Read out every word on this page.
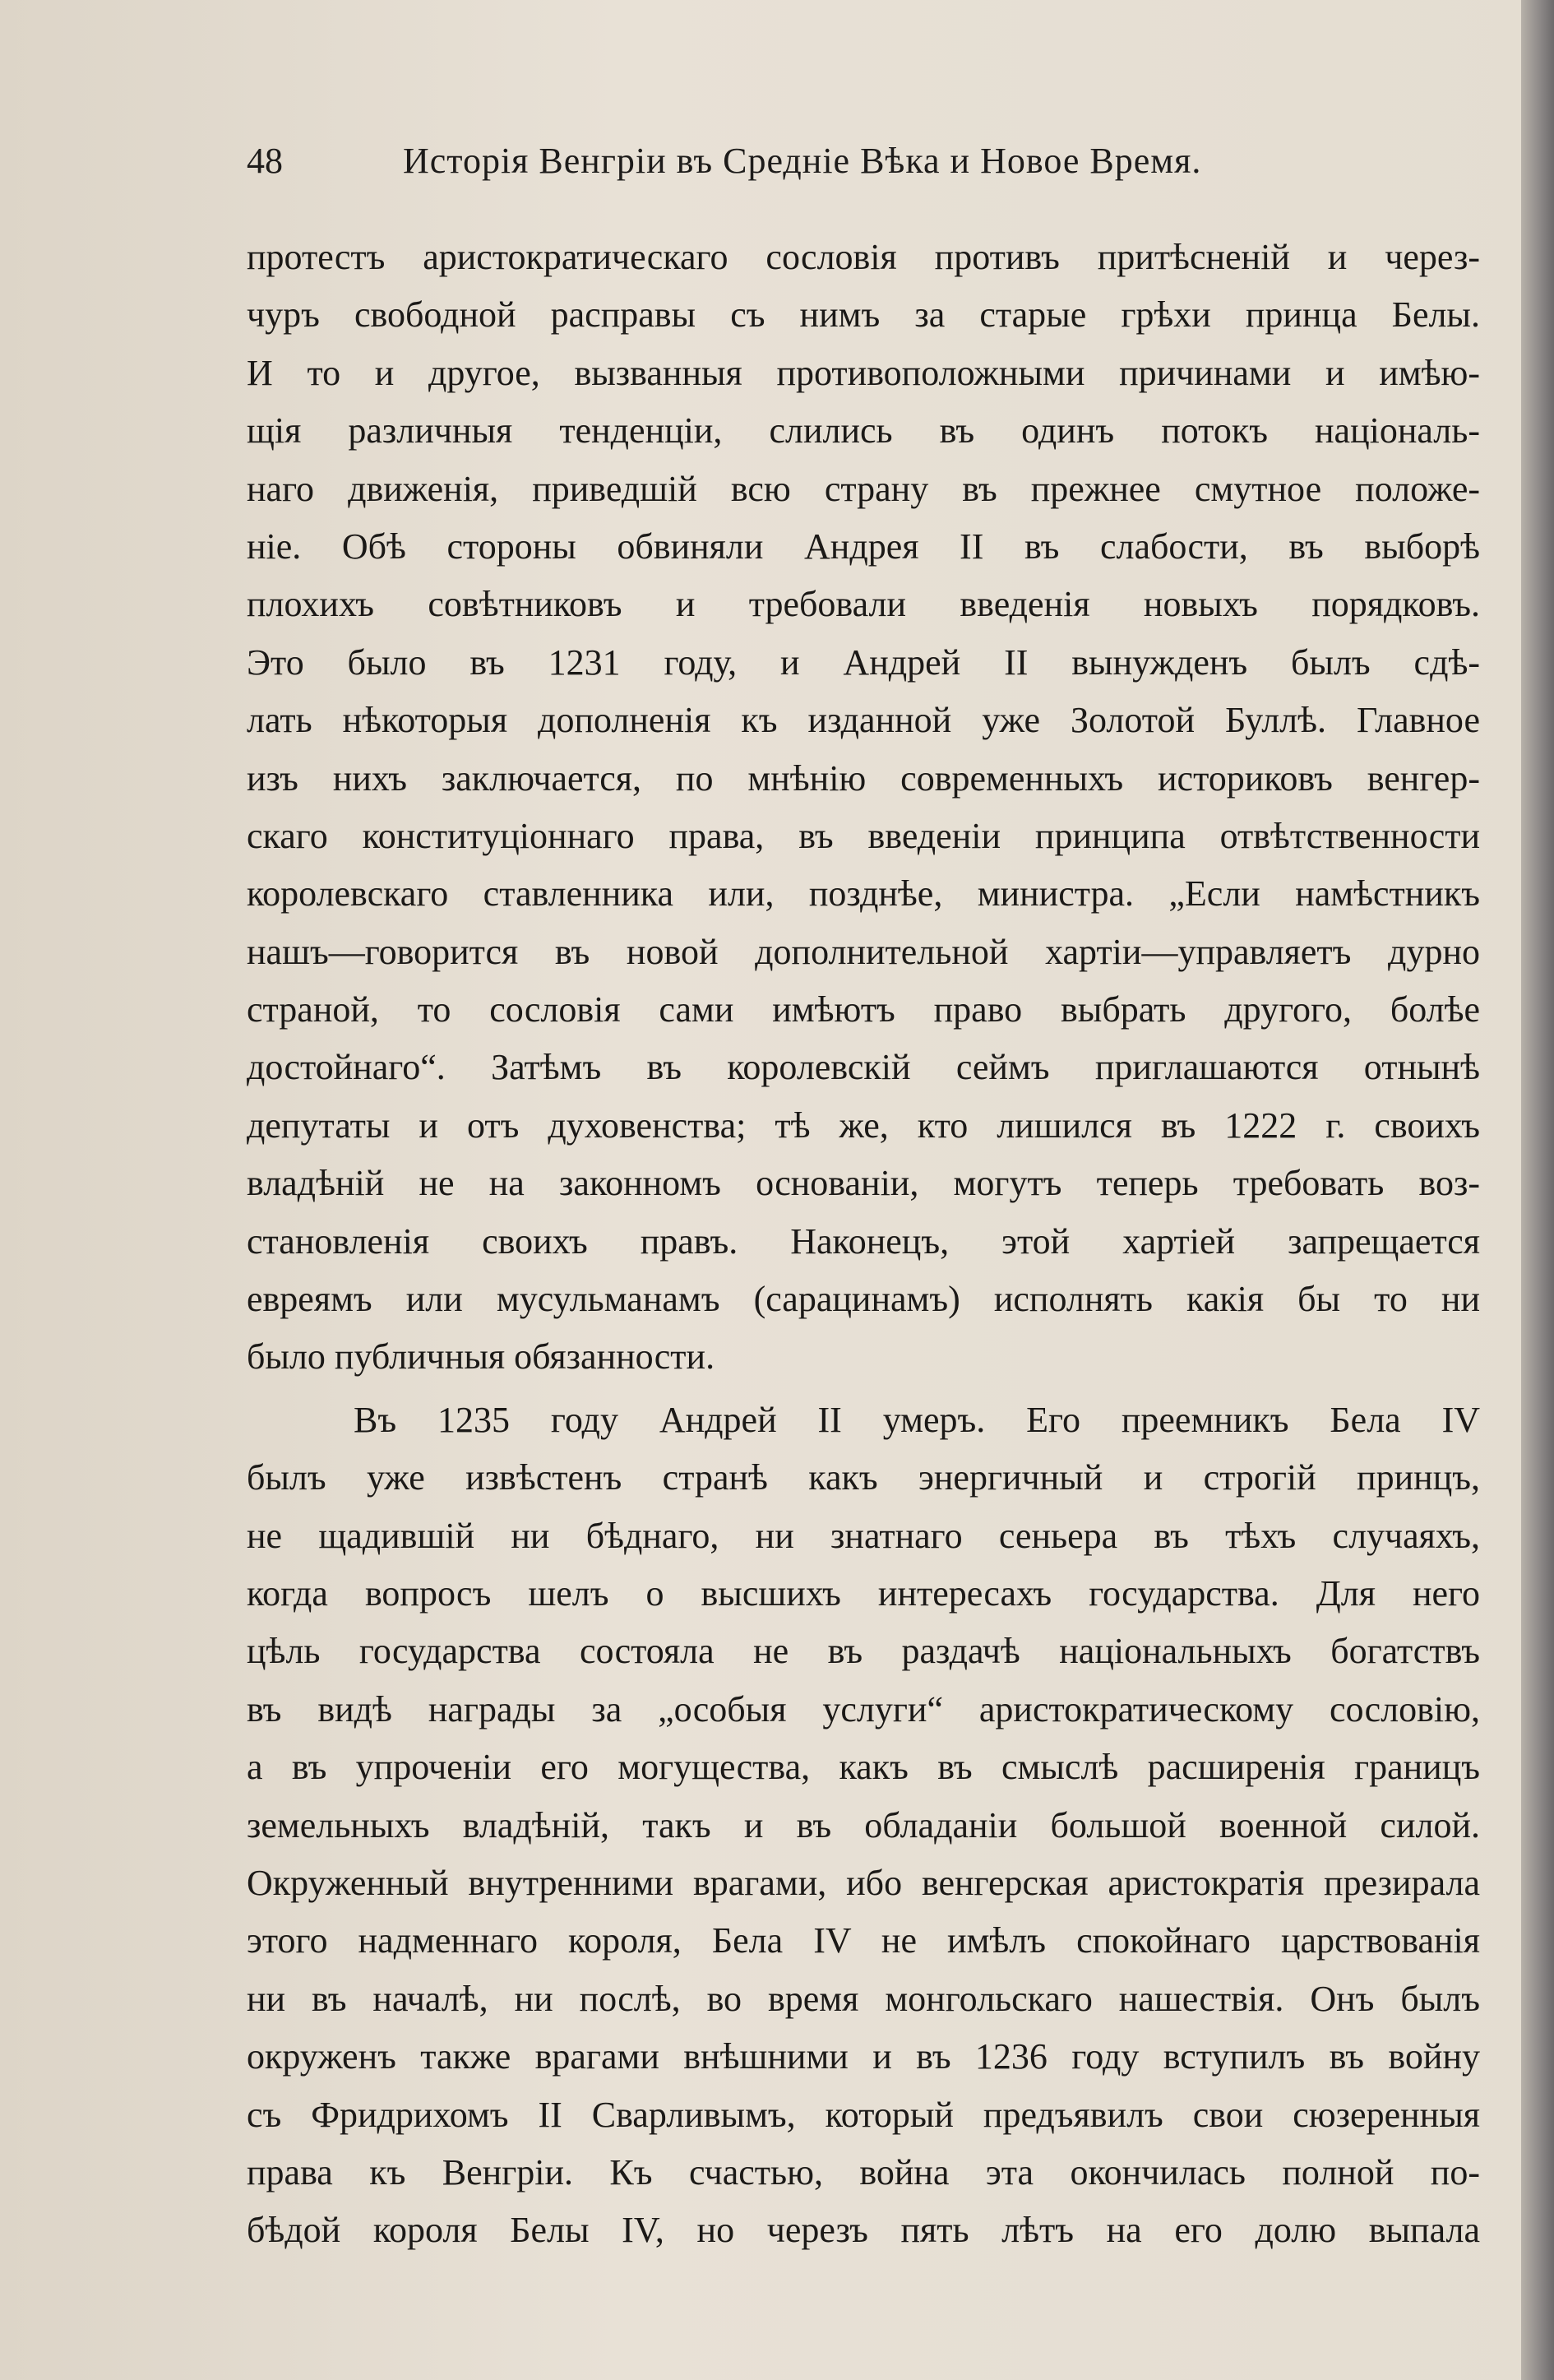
48	Исторія Венгріи въ Средніе Вѣка и Новое Время.
протестъ аристократическаго сословія противъ притѣсненій и через-
чуръ свободной расправы съ нимъ за старые грѣхи принца Белы.
И то и другое, вызванныя противоположными причинами и имѣю-
щія различныя тенденціи, слились въ одинъ потокъ національ-
наго движенія, приведшій всю страну въ прежнее смутное положе-
ніе. Обѣ стороны обвиняли Андрея II въ слабости, въ выборѣ
плохихъ совѣтниковъ и требовали введенія новыхъ порядковъ.
Это было въ 1231 году, и Андрей II вынужденъ былъ сдѣ-
лать нѣкоторыя дополненія къ изданной уже Золотой Буллѣ. Главное
изъ нихъ заключается, по мнѣнію современныхъ историковъ венгер-
скаго конституціоннаго права, въ введеніи принципа отвѣтственности
королевскаго ставленника или, позднѣе, министра. „Если намѣстникъ
нашъ—говорится въ новой дополнительной хартіи—управляетъ дурно
страной, то сословія сами имѣютъ право выбрать другого, болѣе
достойнаго“. Затѣмъ въ королевскій сеймъ приглашаются отнынѣ
депутаты и отъ духовенства; тѣ же, кто лишился въ 1222 г. своихъ
владѣній не на законномъ основаніи, могутъ теперь требовать воз-
становленія своихъ правъ. Наконецъ, этой хартіей запрещается
евреямъ или мусульманамъ (сарацинамъ) исполнять какія бы то ни
было публичныя обязанности.
Въ 1235 году Андрей II умеръ. Его преемникъ Бела IV
былъ уже извѣстенъ странѣ какъ энергичный и строгій принцъ,
не щадившій ни бѣднаго, ни знатнаго сеньера въ тѣхъ случаяхъ,
когда вопросъ шелъ о высшихъ интересахъ государства. Для него
цѣль государства состояла не въ раздачѣ національныхъ богатствъ
въ видѣ награды за „особыя услуги“ аристократическому сословію,
а въ упроченіи его могущества, какъ въ смыслѣ расширенія границъ
земельныхъ владѣній, такъ и въ обладаніи большой военной силой.
Окруженный внутренними врагами, ибо венгерская аристократія презирала
этого надменнаго короля, Бела IV не имѣлъ спокойнаго царствованія
ни въ началѣ, ни послѣ, во время монгольскаго нашествія. Онъ былъ
окруженъ также врагами внѣшними и въ 1236 году вступилъ въ войну
съ Фридрихомъ II Сварливымъ, который предъявилъ свои сюзеренныя
права къ Венгріи. Къ счастью, война эта окончилась полной по-
бѣдой короля Белы IV, но черезъ пять лѣтъ на его долю выпала
